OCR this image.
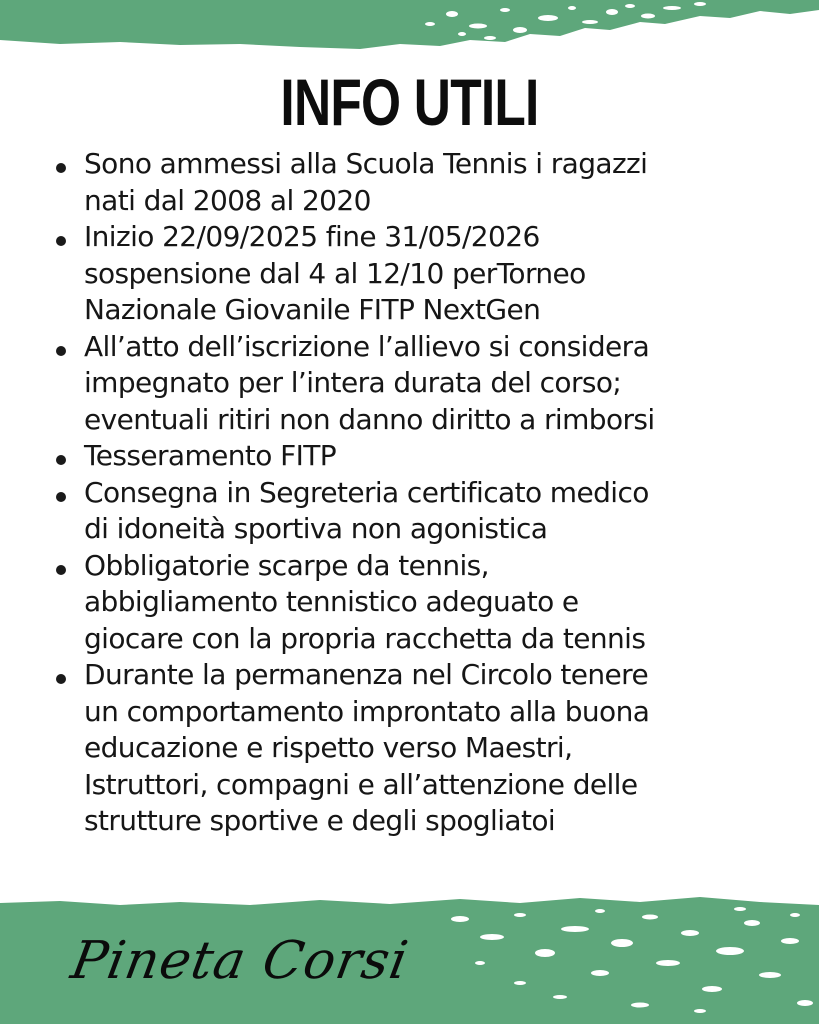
INFO UTILI
Sono ammessi alla Scuola Tennis i ragazzi
nati dal 2008 al 2020
Inizio 22/09/2025 fine 31/05/2026
sospensione dal 4 al 12/10 perTorneo
Nazionale Giovanile FITP NextGen
All’atto dell’iscrizione l’allievo si considera
impegnato per l’intera durata del corso;
eventuali ritiri non danno diritto a rimborsi
Tesseramento FITP
Consegna in Segreteria certificato medico
di idoneità sportiva non agonistica
Obbligatorie scarpe da tennis,
abbigliamento tennistico adeguato e
giocare con la propria racchetta da tennis
Durante la permanenza nel Circolo tenere
un comportamento improntato alla buona
educazione e rispetto verso Maestri,
Istruttori, compagni e all’attenzione delle
strutture sportive e degli spogliatoi
Pineta Corsi
